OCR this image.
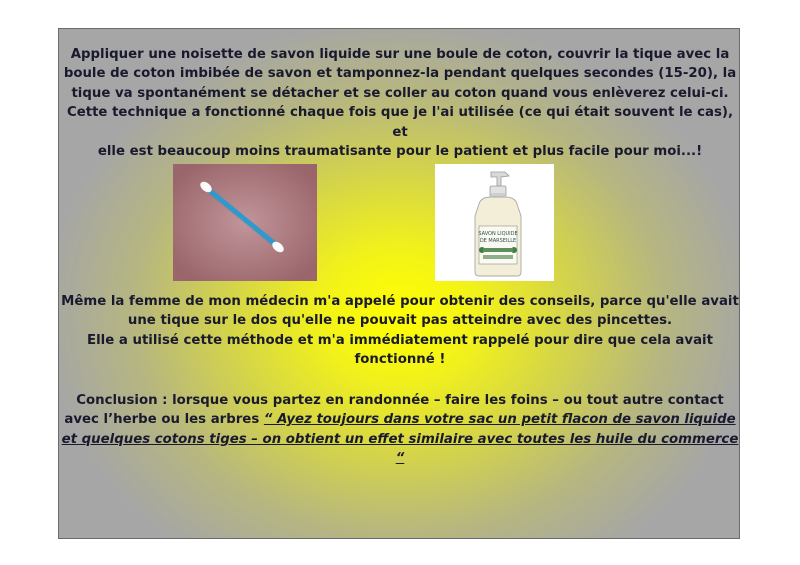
Appliquer une noisette de savon liquide sur une boule de coton, couvrir la tique avec la
boule de coton imbibée de savon et tamponnez-la pendant quelques secondes (15-20), la
tique va spontanément se détacher et se coller au coton quand vous enlèverez celui-ci.
Cette technique a fonctionné chaque fois que je l'ai utilisée (ce qui était souvent le cas), et
elle est beaucoup moins traumatisante pour le patient et plus facile pour moi...!
SAVON LIQUIDE
DE MARSEILLE
Même la femme de mon médecin m'a appelé pour obtenir des conseils, parce qu'elle avait
une tique sur le dos qu'elle ne pouvait pas atteindre avec des pincettes.
Elle a utilisé cette méthode et m'a immédiatement rappelé pour dire que cela avait
fonctionné !
Conclusion : lorsque vous partez en randonnée – faire les foins – ou tout autre contact
avec l’herbe ou les arbres “ Ayez toujours dans votre sac un petit flacon de savon liquide
et quelques cotons tiges – on obtient un effet similaire avec toutes les huile du commerce
“
